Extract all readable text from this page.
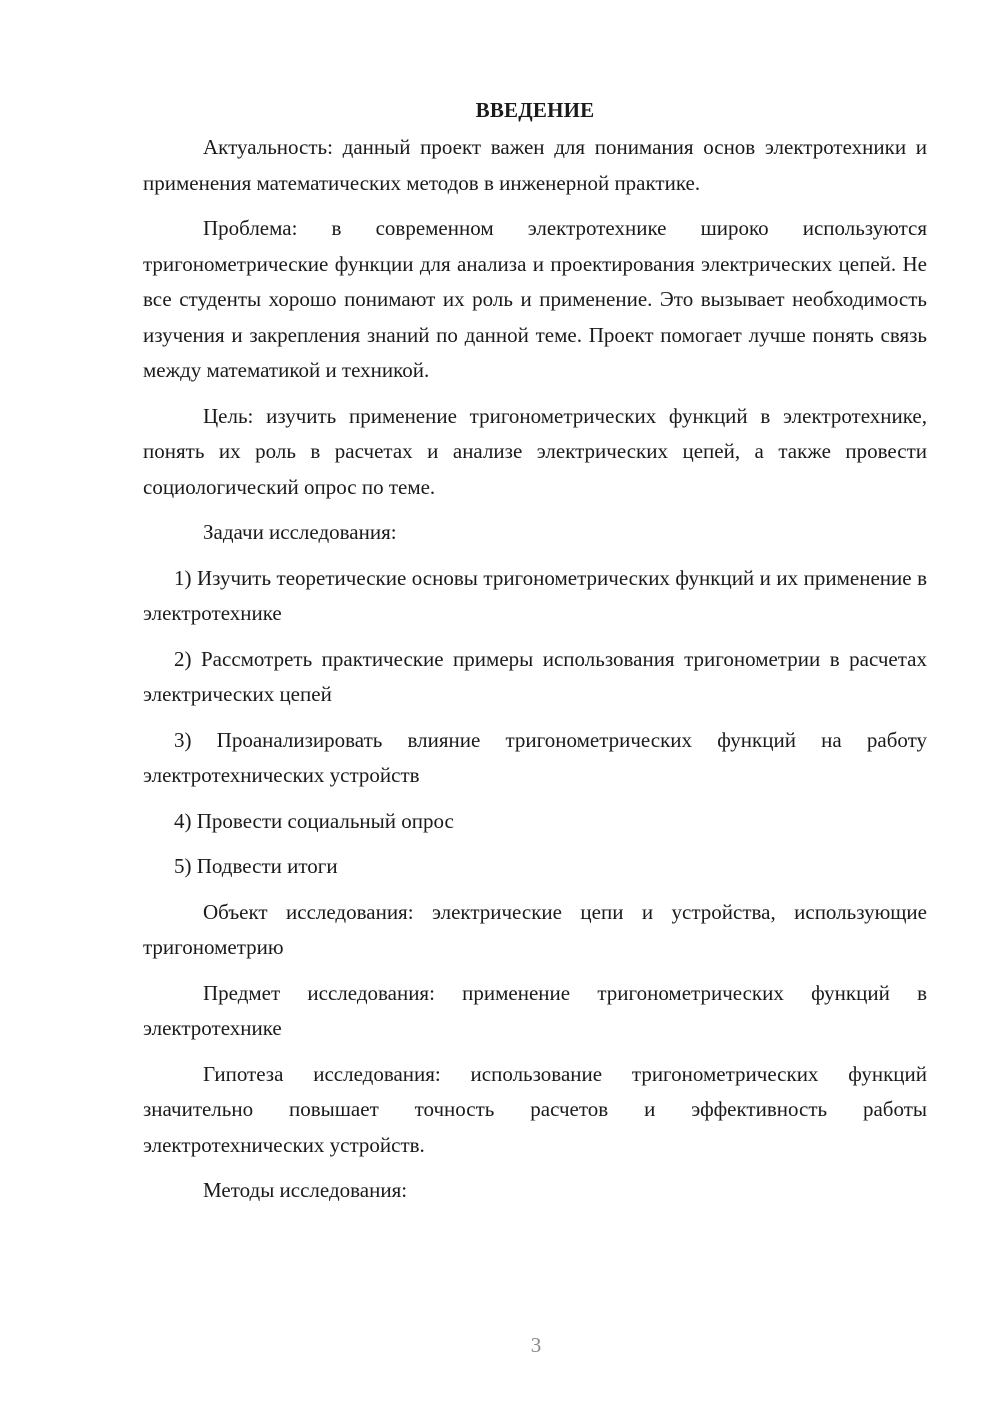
ВВЕДЕНИЕ

Актуальность: данный проект важен для понимания основ электротехники и применения математических методов в инженерной практике.

Проблема: в современном электротехнике широко используются тригонометрические функции для анализа и проектирования электрических цепей. Не все студенты хорошо понимают их роль и применение. Это вызывает необходимость изучения и закрепления знаний по данной теме. Проект помогает лучше понять связь между математикой и техникой.

Цель: изучить применение тригонометрических функций в электротехнике, понять их роль в расчетах и анализе электрических цепей, а также провести социологический опрос по теме.

Задачи исследования:

1) Изучить теоретические основы тригонометрических функций и их применение в электротехнике

2) Рассмотреть практические примеры использования тригонометрии в расчетах электрических цепей

3) Проанализировать влияние тригонометрических функций на работу электротехнических устройств

4) Провести социальный опрос

5) Подвести итоги

Объект исследования: электрические цепи и устройства, использующие тригонометрию

Предмет исследования: применение тригонометрических функций в электротехнике

Гипотеза исследования: использование тригонометрических функций значительно повышает точность расчетов и эффективность работы электротехнических устройств.

Методы исследования:

3
